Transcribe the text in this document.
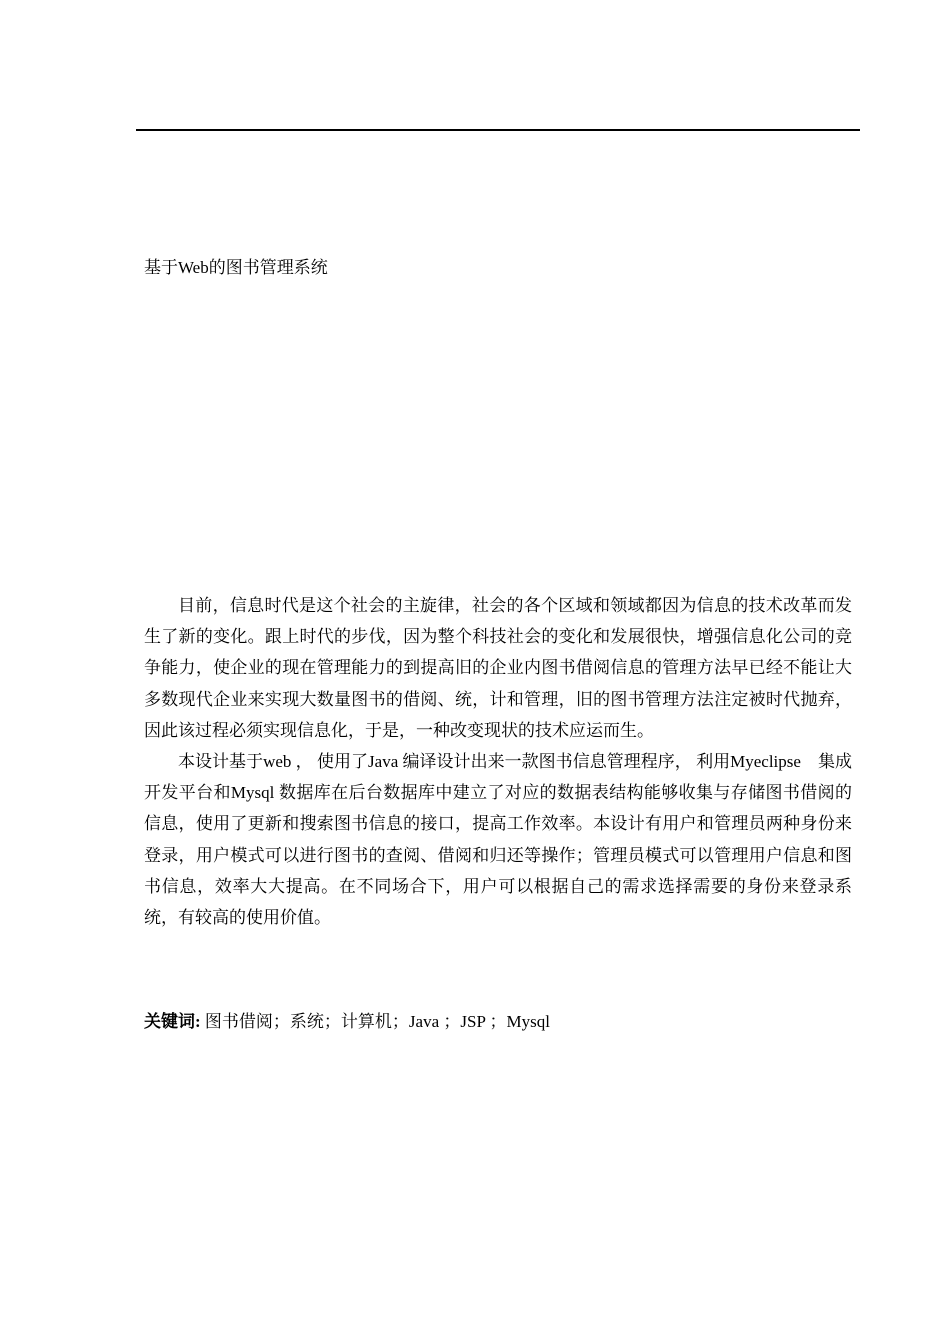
基于Web的图书管理系统

目前，信息时代是这个社会的主旋律，社会的各个区域和领域都因为信息的技术改革而发生了新的变化。跟上时代的步伐，因为整个科技社会的变化和发展很快，增强信息化公司的竞争能力，使企业的现在管理能力的到提高旧的企业内图书借阅信息的管理方法早已经不能让大多数现代企业来实现大数量图书的借阅、统，计和管理，旧的图书管理方法注定被时代抛弃，因此该过程必须实现信息化，于是，一种改变现状的技术应运而生。

本设计基于web ， 使用了Java 编译设计出来一款图书信息管理程序， 利用Myeclipse　集成开发平台和Mysql 数据库在后台数据库中建立了对应的数据表结构能够收集与存储图书借阅的信息，使用了更新和搜索图书信息的接口，提高工作效率。本设计有用户和管理员两种身份来登录，用户模式可以进行图书的查阅、借阅和归还等操作；管理员模式可以管理用户信息和图书信息，效率大大提高。在不同场合下，用户可以根据自己的需求选择需要的身份来登录系统，有较高的使用价值。

关键词: 图书借阅；系统；计算机；Java ；JSP ；Mysql
